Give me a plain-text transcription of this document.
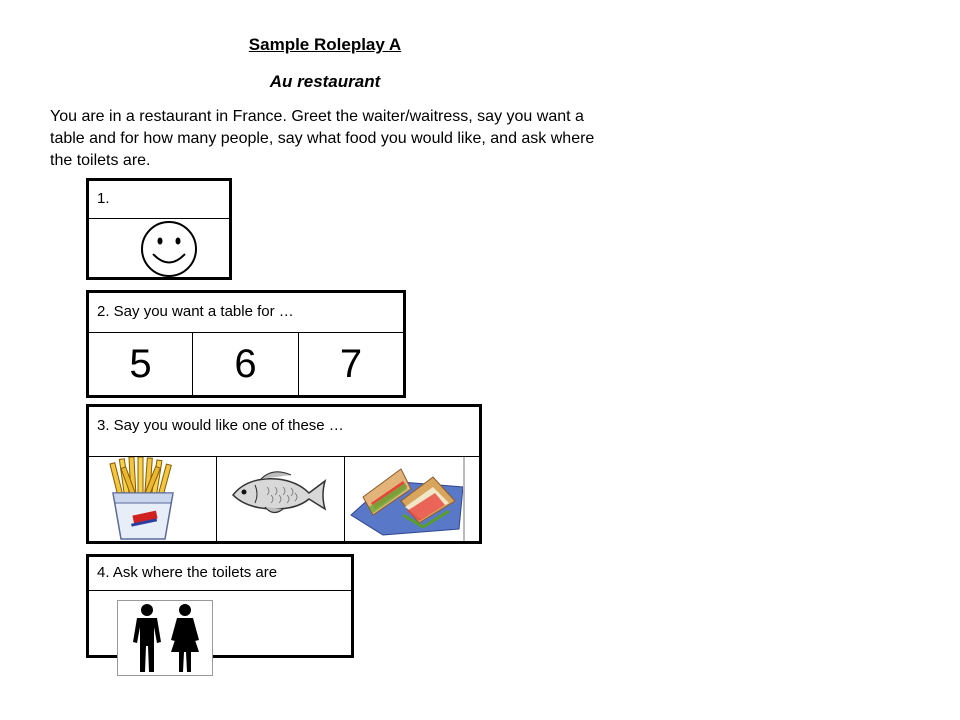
Sample Roleplay A
Au restaurant
You are in a restaurant in France. Greet the waiter/waitress, say you want a table and for how many people, say what food you would like, and ask where the toilets are.
1.
2. Say you want a table for …
5	6	7
3. Say you would like one of these …
4. Ask where the toilets are
